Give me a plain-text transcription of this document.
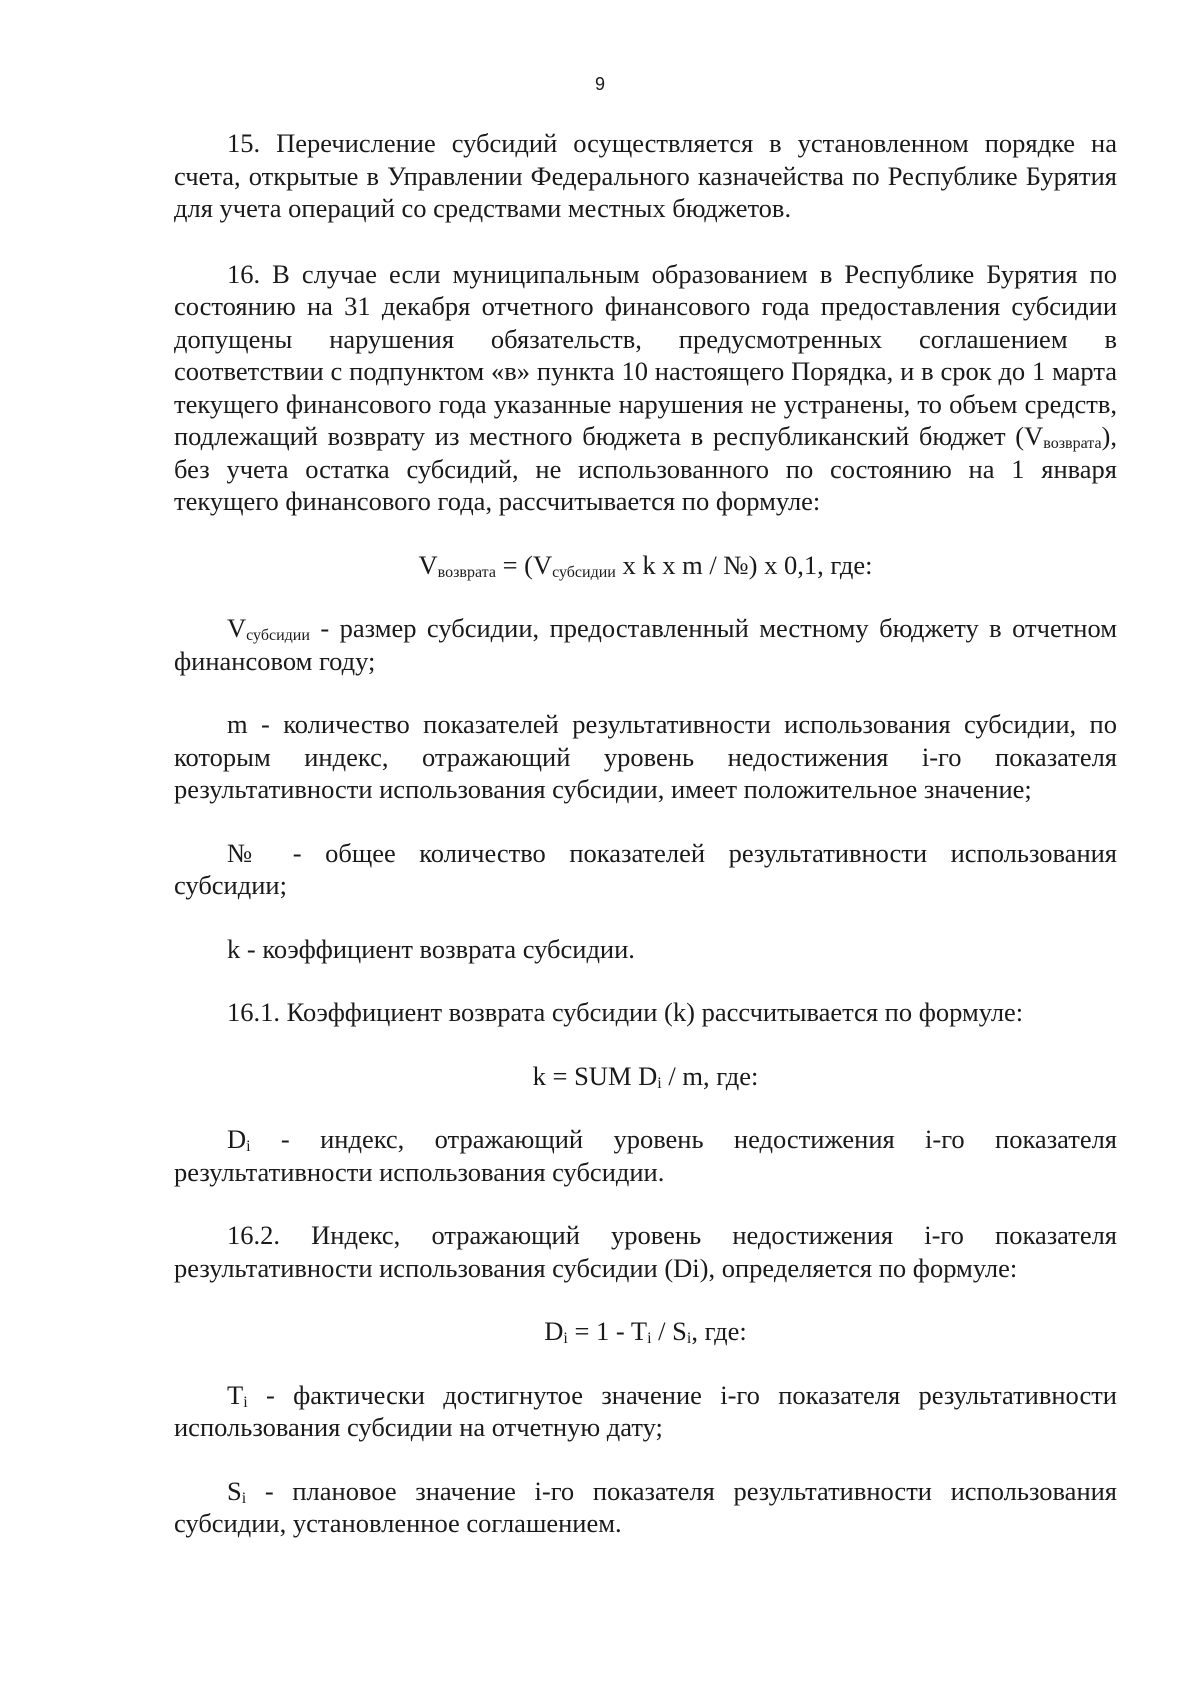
9

15. Перечисление субсидий осуществляется в установленном порядке на счета, открытые в Управлении Федерального казначейства по Республике Бурятия для учета операций со средствами местных бюджетов.

16. В случае если муниципальным образованием в Республике Бурятия по состоянию на 31 декабря отчетного финансового года предоставления субсидии допущены нарушения обязательств, предусмотренных соглашением в соответствии с подпунктом «в» пункта 10 настоящего Порядка, и в срок до 1 марта текущего финансового года указанные нарушения не устранены, то объем средств, подлежащий возврату из местного бюджета в республиканский бюджет $(V_{возврата})$, без учета остатка субсидий, не использованного по состоянию на 1 января текущего финансового года, рассчитывается по формуле:

$V_{возврата} = (V_{субсидии}$ х k х m / №) х 0,1, где:

$V_{субсидии}$ - размер субсидии, предоставленный местному бюджету в отчетном финансовом году;

m - количество показателей результативности использования субсидии, по которым индекс, отражающий уровень недостижения i-го показателя результативности использования субсидии, имеет положительное значение;

№ - общее количество показателей результативности использования субсидии;

k - коэффициент возврата субсидии.

16.1. Коэффициент возврата субсидии (k) рассчитывается по формуле:

k = SUM $D_i$ / m, где:

$D_i$ - индекс, отражающий уровень недостижения i-го показателя результативности использования субсидии.

16.2. Индекс, отражающий уровень недостижения i-го показателя результативности использования субсидии (Di), определяется по формуле:

$D_i = 1 - T_i / S_i$, где:

$T_i$ - фактически достигнутое значение i-го показателя результативности использования субсидии на отчетную дату;

$S_i$ - плановое значение i-го показателя результативности использования субсидии, установленное соглашением.
